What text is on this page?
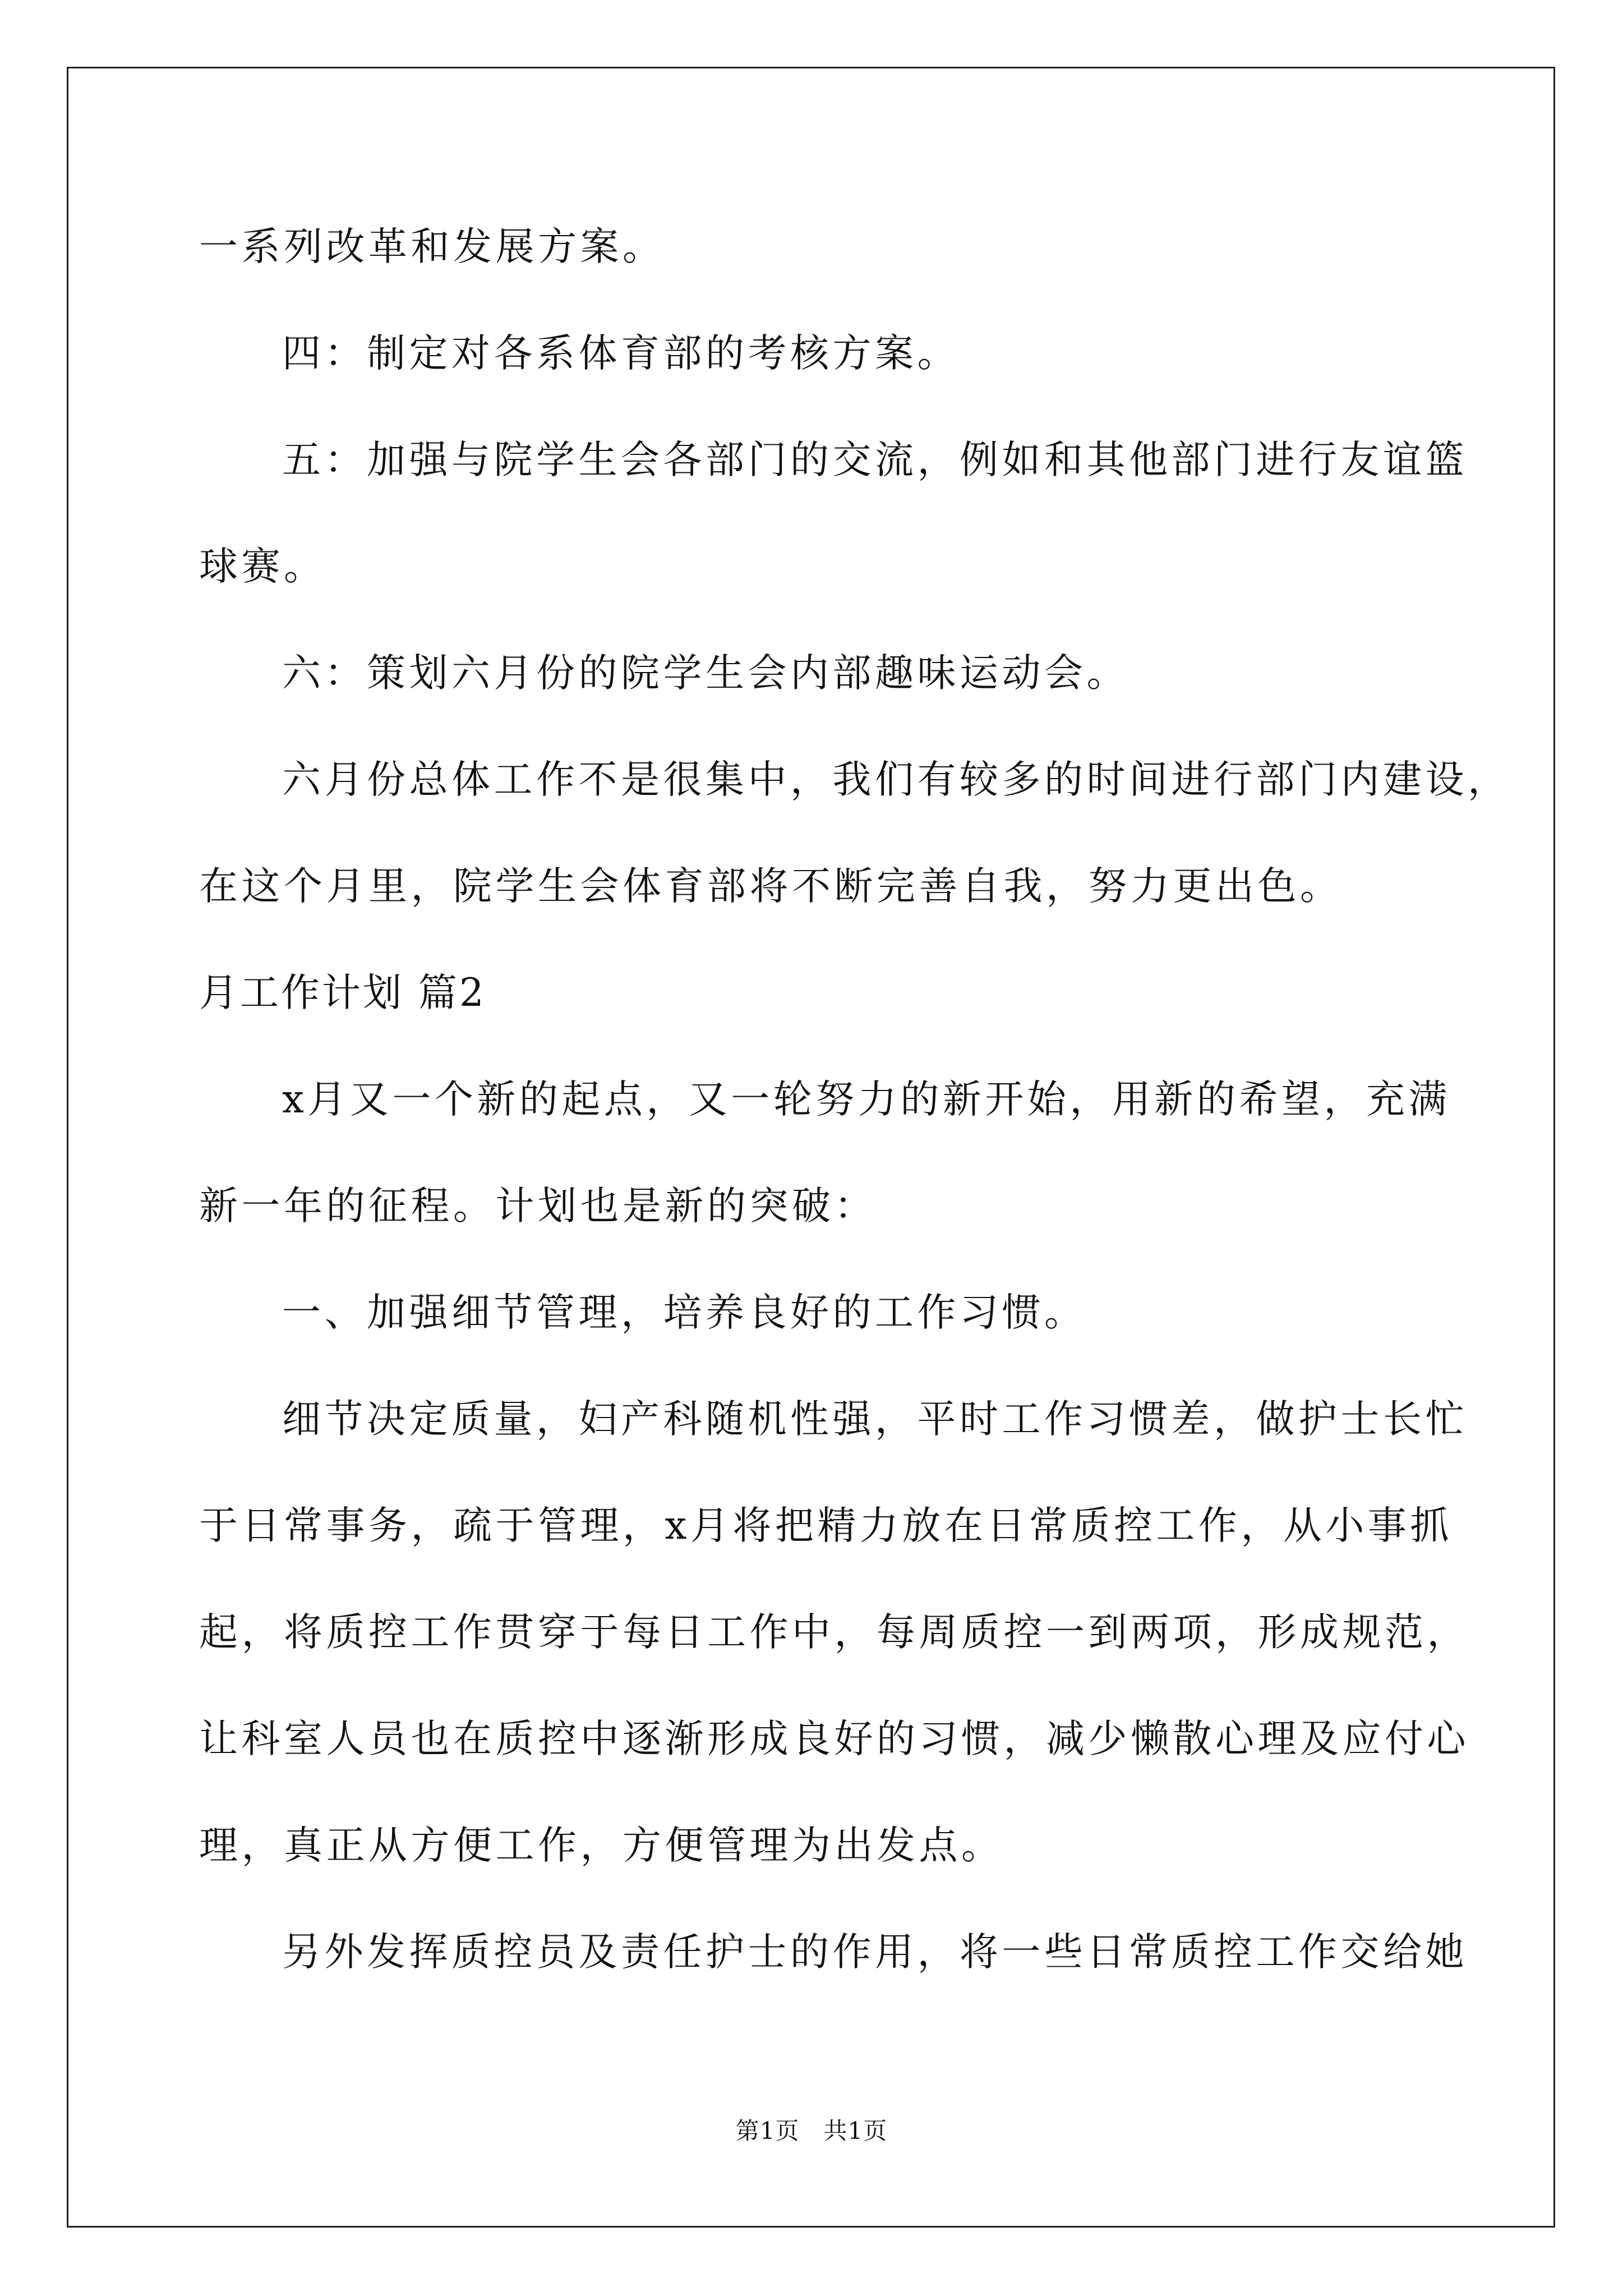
一系列改革和发展方案。
四：制定对各系体育部的考核方案。
五：加强与院学生会各部门的交流，例如和其他部门进行友谊篮
球赛。
六：策划六月份的院学生会内部趣味运动会。
六月份总体工作不是很集中，我们有较多的时间进行部门内建设，
在这个月里，院学生会体育部将不断完善自我，努力更出色。
月工作计划 篇2
x月又一个新的起点，又一轮努力的新开始，用新的希望，充满
新一年的征程。计划也是新的突破：
一、加强细节管理，培养良好的工作习惯。
细节决定质量，妇产科随机性强，平时工作习惯差，做护士长忙
于日常事务，疏于管理，x月将把精力放在日常质控工作，从小事抓
起，将质控工作贯穿于每日工作中，每周质控一到两项，形成规范，
让科室人员也在质控中逐渐形成良好的习惯，减少懒散心理及应付心
理，真正从方便工作，方便管理为出发点。
另外发挥质控员及责任护士的作用，将一些日常质控工作交给她
第1页　共1页
